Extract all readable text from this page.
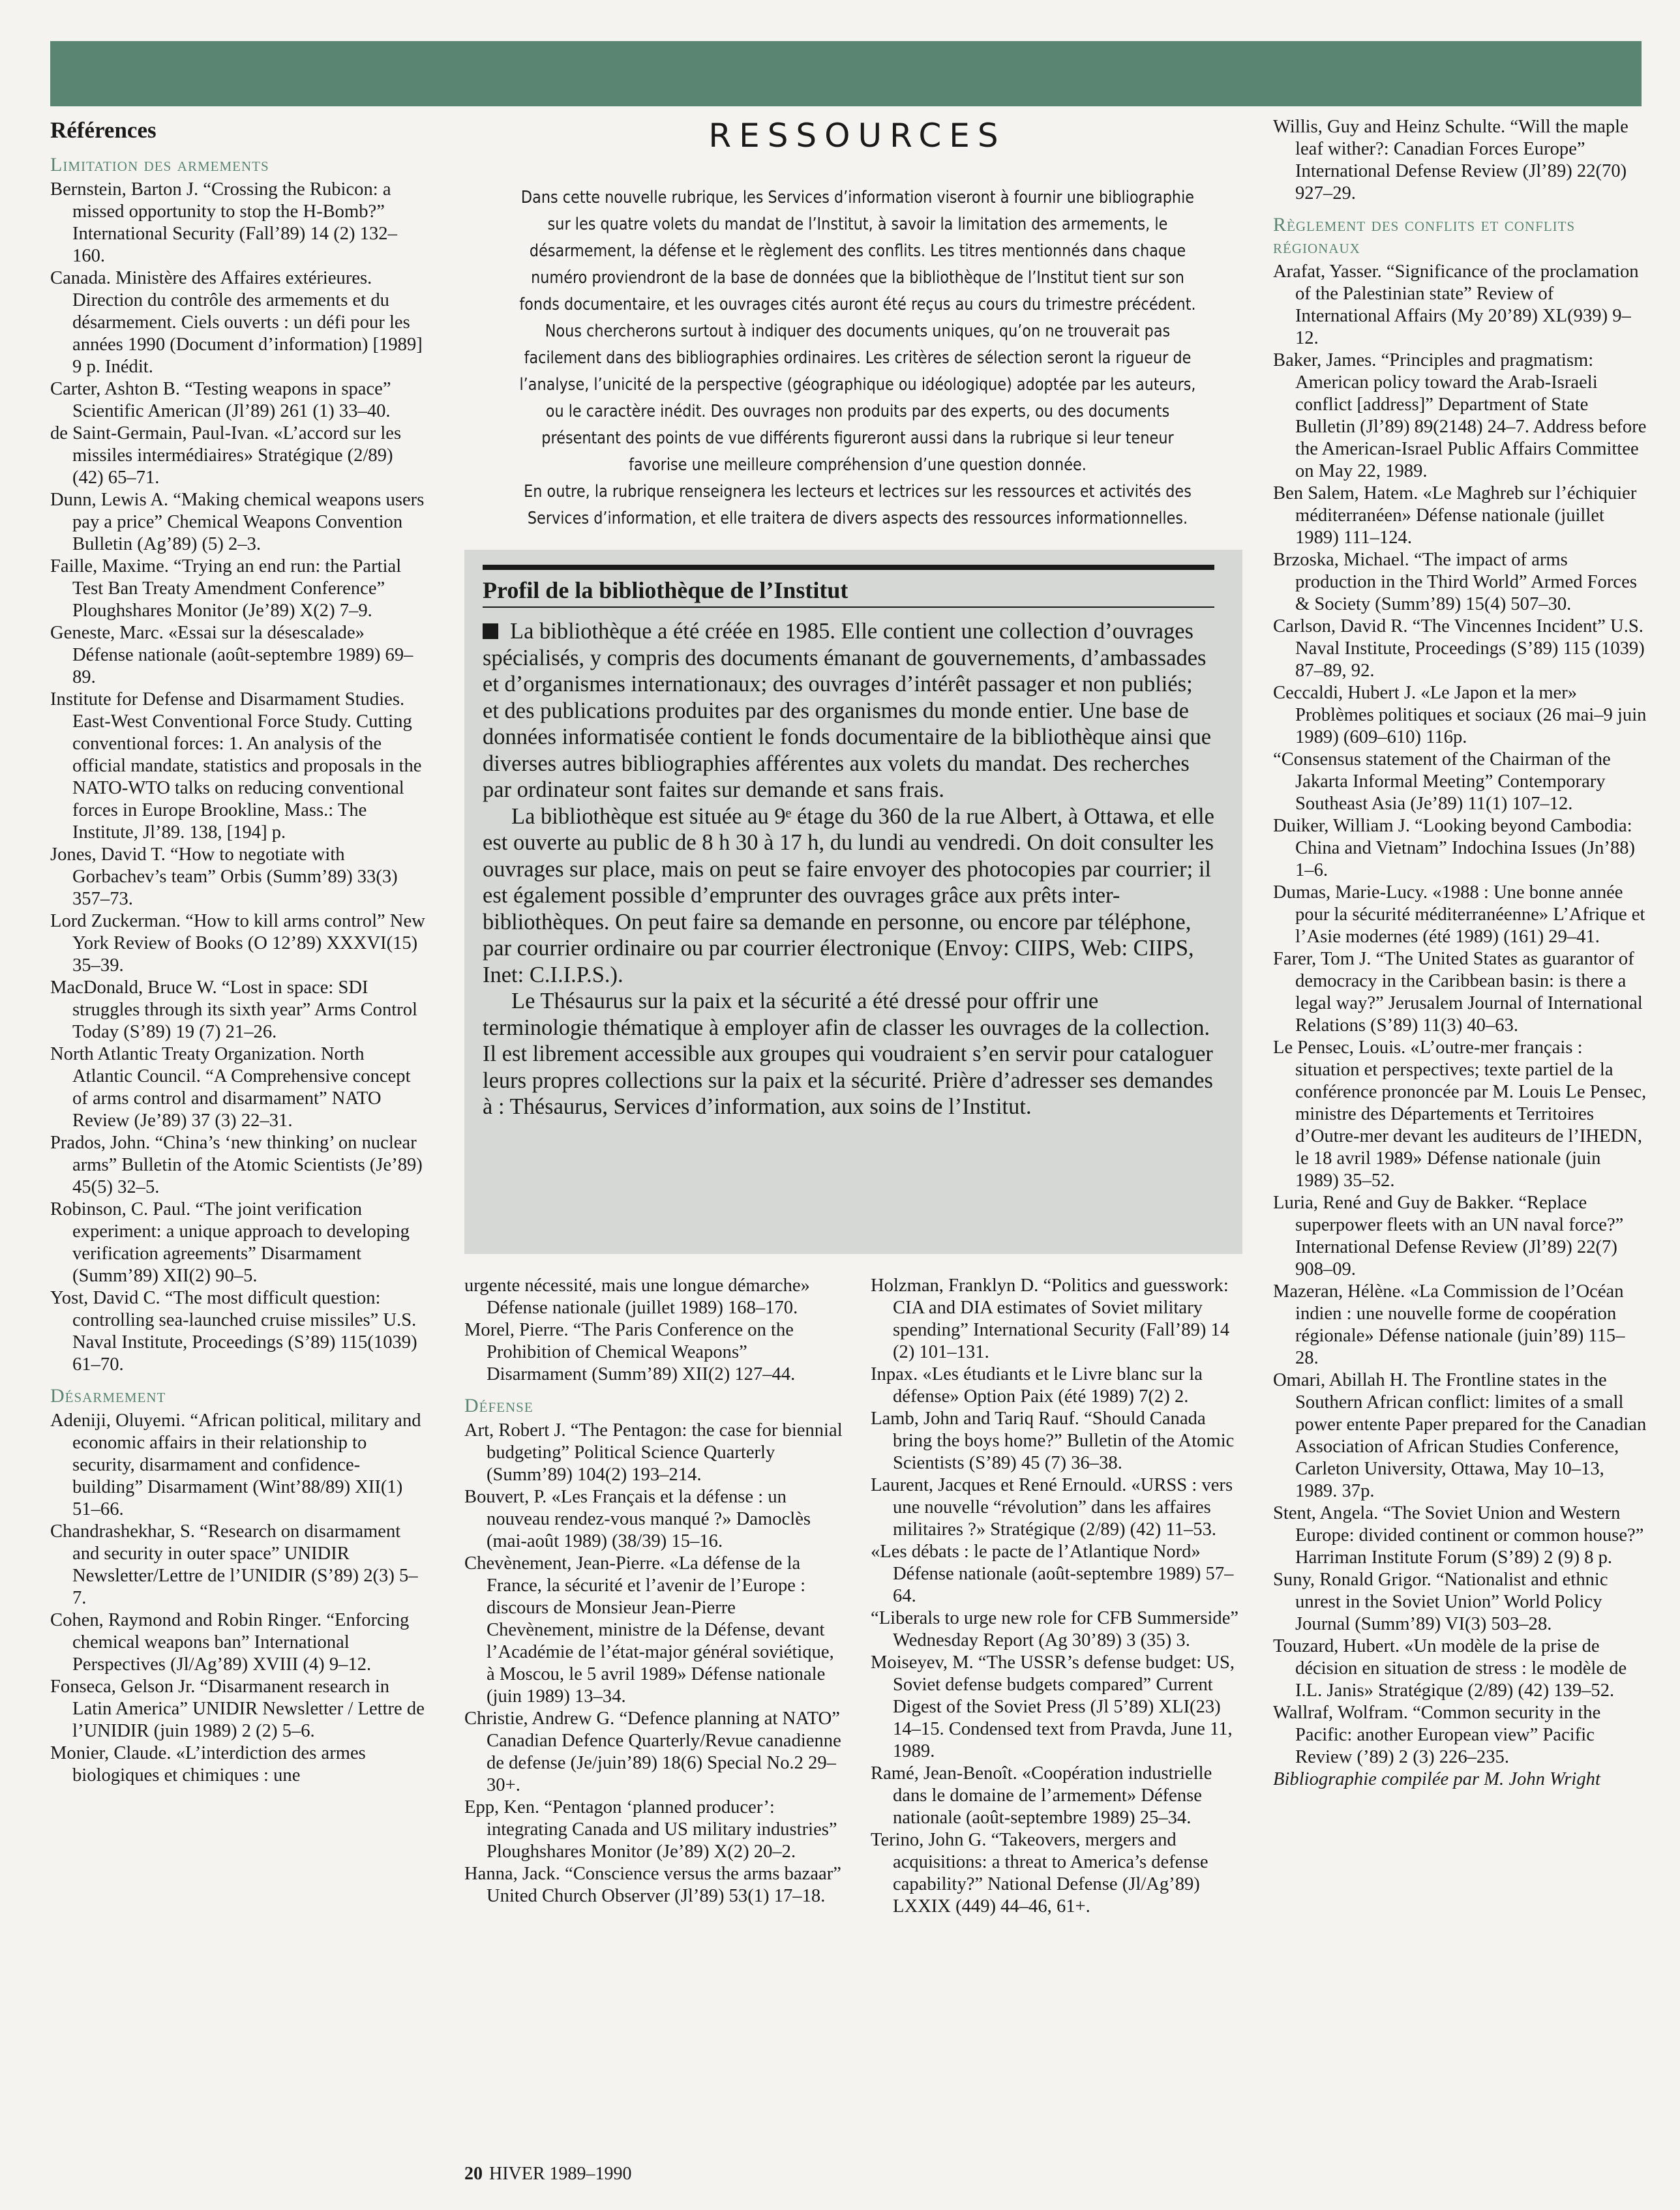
RESSOURCES

Dans cette nouvelle rubrique, les Services d’information viseront à fournir une bibliographie sur les quatre volets du mandat de l’Institut, à savoir la limitation des armements, le désarmement, la défense et le règlement des conflits. Les titres mentionnés dans chaque numéro proviendront de la base de données que la bibliothèque de l’Institut tient sur son fonds documentaire, et les ouvrages cités auront été reçus au cours du trimestre précédent.

Nous chercherons surtout à indiquer des documents uniques, qu’on ne trouverait pas facilement dans des bibliographies ordinaires. Les critères de sélection seront la rigueur de l’analyse, l’unicité de la perspective (géographique ou idéologique) adoptée par les auteurs, ou le caractère inédit. Des ouvrages non produits par des experts, ou des documents présentant des points de vue différents figureront aussi dans la rubrique si leur teneur favorise une meilleure compréhension d’une question donnée.

En outre, la rubrique renseignera les lecteurs et lectrices sur les ressources et activités des Services d’information, et elle traitera de divers aspects des ressources informationnelles.

Profil de la bibliothèque de l’Institut

La bibliothèque a été créée en 1985. Elle contient une collection d’ouvrages spécialisés, y compris des documents émanant de gouvernements, d’ambassades et d’organismes internationaux; des ouvrages d’intérêt passager et non publiés; et des publications produites par des organismes du monde entier. Une base de données informatisée contient le fonds documentaire de la bibliothèque ainsi que diverses autres bibliographies afférentes aux volets du mandat. Des recherches par ordinateur sont faites sur demande et sans frais.

La bibliothèque est située au 9ᵉ étage du 360 de la rue Albert, à Ottawa, et elle est ouverte au public de 8 h 30 à 17 h, du lundi au vendredi. On doit consulter les ouvrages sur place, mais on peut se faire envoyer des photocopies par courrier; il est également possible d’emprunter des ouvrages grâce aux prêts inter-bibliothèques. On peut faire sa demande en personne, ou encore par téléphone, par courrier ordinaire ou par courrier électronique (Envoy: CIIPS, Web: CIIPS, Inet: C.I.I.P.S.).

Le Thésaurus sur la paix et la sécurité a été dressé pour offrir une terminologie thématique à employer afin de classer les ouvrages de la collection. Il est librement accessible aux groupes qui voudraient s’en servir pour cataloguer leurs propres collections sur la paix et la sécurité. Prière d’adresser ses demandes à : Thésaurus, Services d’information, aux soins de l’Institut.

Références
Limitation des armements

Bernstein, Barton J. “Crossing the Rubicon: a missed opportunity to stop the H-Bomb?” International Security (Fall’89) 14 (2) 132–160.

Canada. Ministère des Affaires extérieures. Direction du contrôle des armements et du désarmement. Ciels ouverts : un défi pour les années 1990 (Document d’information) [1989] 9 p. Inédit.

Carter, Ashton B. “Testing weapons in space” Scientific American (Jl’89) 261 (1) 33–40.

de Saint-Germain, Paul-Ivan. «L’accord sur les missiles intermédiaires» Stratégique (2/89) (42) 65–71.

Dunn, Lewis A. “Making chemical weapons users pay a price” Chemical Weapons Convention Bulletin (Ag’89) (5) 2–3.

Faille, Maxime. “Trying an end run: the Partial Test Ban Treaty Amendment Conference” Ploughshares Monitor (Je’89) X(2) 7–9.

Geneste, Marc. «Essai sur la désescalade» Défense nationale (août-septembre 1989) 69–89.

Institute for Defense and Disarmament Studies. East-West Conventional Force Study. Cutting conventional forces: 1. An analysis of the official mandate, statistics and proposals in the NATO-WTO talks on reducing conventional forces in Europe Brookline, Mass.: The Institute, Jl’89. 138, [194] p.

Jones, David T. “How to negotiate with Gorbachev’s team” Orbis (Summ’89) 33(3) 357–73.

Lord Zuckerman. “How to kill arms control” New York Review of Books (O 12’89) XXXVI(15) 35–39.

MacDonald, Bruce W. “Lost in space: SDI struggles through its sixth year” Arms Control Today (S’89) 19 (7) 21–26.

North Atlantic Treaty Organization. North Atlantic Council. “A Comprehensive concept of arms control and disarmament” NATO Review (Je’89) 37 (3) 22–31.

Prados, John. “China’s ‘new thinking’ on nuclear arms” Bulletin of the Atomic Scientists (Je’89) 45(5) 32–5.

Robinson, C. Paul. “The joint verification experiment: a unique approach to developing verification agreements” Disarmament (Summ’89) XII(2) 90–5.

Yost, David C. “The most difficult question: controlling sea-launched cruise missiles” U.S. Naval Institute, Proceedings (S’89) 115(1039) 61–70.

Désarmement

Adeniji, Oluyemi. “African political, military and economic affairs in their relationship to security, disarmament and confidence-building” Disarmament (Wint’88/89) XII(1) 51–66.

Chandrashekhar, S. “Research on disarmament and security in outer space” UNIDIR Newsletter/Lettre de l’UNIDIR (S’89) 2(3) 5–7.

Cohen, Raymond and Robin Ringer. “Enforcing chemical weapons ban” International Perspectives (Jl/Ag’89) XVIII (4) 9–12.

Fonseca, Gelson Jr. “Disarmanent research in Latin America” UNIDIR Newsletter / Lettre de l’UNIDIR (juin 1989) 2 (2) 5–6.

Monier, Claude. «L’interdiction des armes biologiques et chimiques : une

urgente nécessité, mais une longue démarche» Défense nationale (juillet 1989) 168–170.

Morel, Pierre. “The Paris Conference on the Prohibition of Chemical Weapons” Disarmament (Summ’89) XII(2) 127–44.

Défense

Art, Robert J. “The Pentagon: the case for biennial budgeting” Political Science Quarterly (Summ’89) 104(2) 193–214.

Bouvert, P. «Les Français et la défense : un nouveau rendez-vous manqué ?» Damoclès (mai-août 1989) (38/39) 15–16.

Chevènement, Jean-Pierre. «La défense de la France, la sécurité et l’avenir de l’Europe : discours de Monsieur Jean-Pierre Chevènement, ministre de la Défense, devant l’Académie de l’état-major général soviétique, à Moscou, le 5 avril 1989» Défense nationale (juin 1989) 13–34.

Christie, Andrew G. “Defence planning at NATO” Canadian Defence Quarterly/Revue canadienne de defense (Je/juin’89) 18(6) Special No.2 29–30+.

Epp, Ken. “Pentagon ‘planned producer’: integrating Canada and US military industries” Ploughshares Monitor (Je’89) X(2) 20–2.

Hanna, Jack. “Conscience versus the arms bazaar” United Church Observer (Jl’89) 53(1) 17–18.

Holzman, Franklyn D. “Politics and guesswork: CIA and DIA estimates of Soviet military spending” International Security (Fall’89) 14 (2) 101–131.

Inpax. «Les étudiants et le Livre blanc sur la défense» Option Paix (été 1989) 7(2) 2.

Lamb, John and Tariq Rauf. “Should Canada bring the boys home?” Bulletin of the Atomic Scientists (S’89) 45 (7) 36–38.

Laurent, Jacques et René Ernould. «URSS : vers une nouvelle “révolution” dans les affaires militaires ?» Stratégique (2/89) (42) 11–53.

«Les débats : le pacte de l’Atlantique Nord» Défense nationale (août-septembre 1989) 57–64.

“Liberals to urge new role for CFB Summerside” Wednesday Report (Ag 30’89) 3 (35) 3.

Moiseyev, M. “The USSR’s defense budget: US, Soviet defense budgets compared” Current Digest of the Soviet Press (Jl 5’89) XLI(23) 14–15. Condensed text from Pravda, June 11, 1989.

Ramé, Jean-Benoît. «Coopération industrielle dans le domaine de l’armement» Défense nationale (août-septembre 1989) 25–34.

Terino, John G. “Takeovers, mergers and acquisitions: a threat to America’s defense capability?” National Defense (Jl/Ag’89) LXXIX (449) 44–46, 61+.

Willis, Guy and Heinz Schulte. “Will the maple leaf wither?: Canadian Forces Europe” International Defense Review (Jl’89) 22(70) 927–29.

Règlement des conflits et conflits régionaux

Arafat, Yasser. “Significance of the proclamation of the Palestinian state” Review of International Affairs (My 20’89) XL(939) 9–12.

Baker, James. “Principles and pragmatism: American policy toward the Arab-Israeli conflict [address]” Department of State Bulletin (Jl’89) 89(2148) 24–7. Address before the American-Israel Public Affairs Committee on May 22, 1989.

Ben Salem, Hatem. «Le Maghreb sur l’échiquier méditerranéen» Défense nationale (juillet 1989) 111–124.

Brzoska, Michael. “The impact of arms production in the Third World” Armed Forces & Society (Summ’89) 15(4) 507–30.

Carlson, David R. “The Vincennes Incident” U.S. Naval Institute, Proceedings (S’89) 115 (1039) 87–89, 92.

Ceccaldi, Hubert J. «Le Japon et la mer» Problèmes politiques et sociaux (26 mai–9 juin 1989) (609–610) 116p.

“Consensus statement of the Chairman of the Jakarta Informal Meeting” Contemporary Southeast Asia (Je’89) 11(1) 107–12.

Duiker, William J. “Looking beyond Cambodia: China and Vietnam” Indochina Issues (Jn’88) 1–6.

Dumas, Marie-Lucy. «1988 : Une bonne année pour la sécurité méditerranéenne» L’Afrique et l’Asie modernes (été 1989) (161) 29–41.

Farer, Tom J. “The United States as guarantor of democracy in the Caribbean basin: is there a legal way?” Jerusalem Journal of International Relations (S’89) 11(3) 40–63.

Le Pensec, Louis. «L’outre-mer français : situation et perspectives; texte partiel de la conférence prononcée par M. Louis Le Pensec, ministre des Départements et Territoires d’Outre-mer devant les auditeurs de l’IHEDN, le 18 avril 1989» Défense nationale (juin 1989) 35–52.

Luria, René and Guy de Bakker. “Replace superpower fleets with an UN naval force?” International Defense Review (Jl’89) 22(7) 908–09.

Mazeran, Hélène. «La Commission de l’Océan indien : une nouvelle forme de coopération régionale» Défense nationale (juin’89) 115–28.

Omari, Abillah H. The Frontline states in the Southern African conflict: limites of a small power entente Paper prepared for the Canadian Association of African Studies Conference, Carleton University, Ottawa, May 10–13, 1989. 37p.

Stent, Angela. “The Soviet Union and Western Europe: divided continent or common house?” Harriman Institute Forum (S’89) 2 (9) 8 p.

Suny, Ronald Grigor. “Nationalist and ethnic unrest in the Soviet Union” World Policy Journal (Summ’89) VI(3) 503–28.

Touzard, Hubert. «Un modèle de la prise de décision en situation de stress : le modèle de I.L. Janis» Stratégique (2/89) (42) 139–52.

Wallraf, Wolfram. “Common security in the Pacific: another European view” Pacific Review (’89) 2 (3) 226–235.

Bibliographie compilée par M. John Wright

20 HIVER 1989–1990
